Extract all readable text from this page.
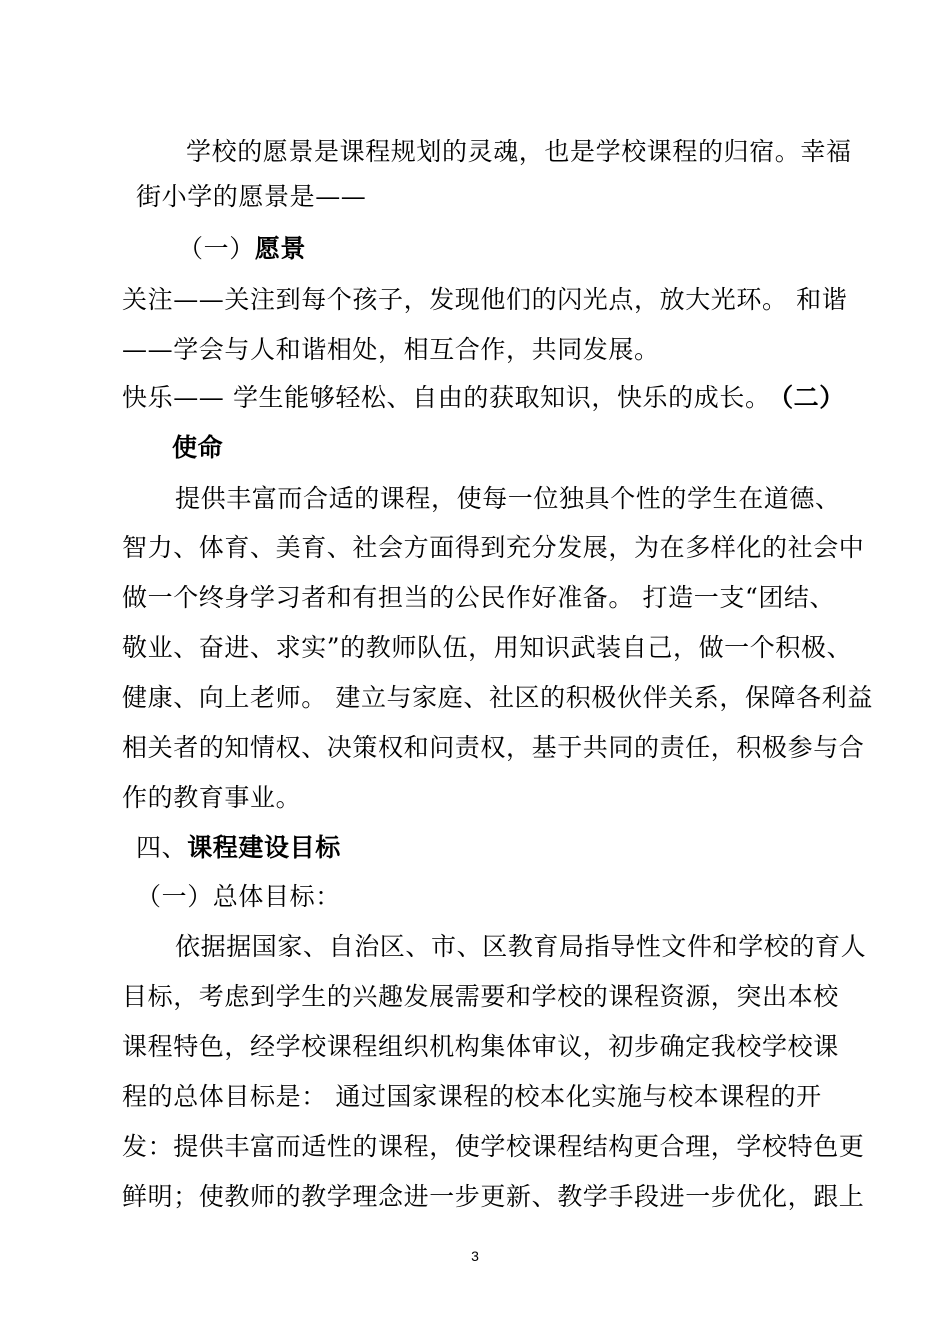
学校的愿景是课程规划的灵魂，也是学校课程的归宿。幸福
街小学的愿景是——
（一）愿景
关注——关注到每个孩子，发现他们的闪光点，放大光环。 和谐
——学会与人和谐相处，相互合作，共同发展。
快乐—— 学生能够轻松、自由的获取知识，快乐的成长。 （二）
使命
提供丰富而合适的课程，使每一位独具个性的学生在道德、
智力、体育、美育、社会方面得到充分发展，为在多样化的社会中
做一个终身学习者和有担当的公民作好准备。 打造一支“团结、
敬业、奋进、求实”的教师队伍，用知识武装自己，做一个积极、
健康、向上老师。 建立与家庭、社区的积极伙伴关系，保障各利益
相关者的知情权、决策权和问责权，基于共同的责任，积极参与合
作的教育事业。
四、课程建设目标
（一）总体目标：
依据据国家、自治区、市、区教育局指导性文件和学校的育人
目标，考虑到学生的兴趣发展需要和学校的课程资源，突出本校
课程特色，经学校课程组织机构集体审议，初步确定我校学校课
程的总体目标是： 通过国家课程的校本化实施与校本课程的开
发：提供丰富而适性的课程，使学校课程结构更合理，学校特色更
鲜明；使教师的教学理念进一步更新、教学手段进一步优化，跟上
3
